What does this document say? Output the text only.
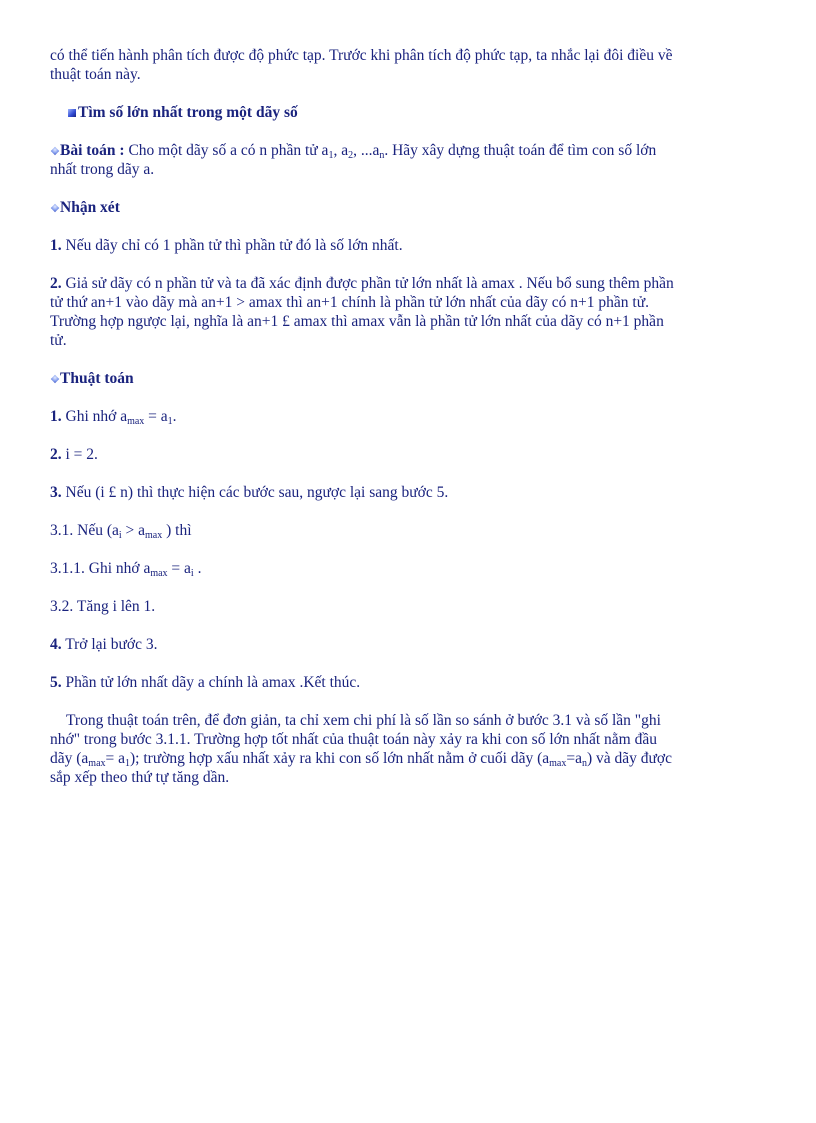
có thể tiến hành phân tích được độ phức tạp. Trước khi phân tích độ phức tạp, ta nhắc lại đôi điều về
thuật toán này.

Tìm số lớn nhất trong một dãy số

Bài toán : Cho một dãy số a có n phần tử $a_1$, $a_2$, $...a_n$. Hãy xây dựng thuật toán để tìm con số lớn
nhất trong dãy a.

Nhận xét

1. Nếu dãy chỉ có 1 phần tử thì phần tử đó là số lớn nhất.

2. Giả sử dãy có n phần tử và ta đã xác định được phần tử lớn nhất là amax . Nếu bổ sung thêm phần
tử thứ an+1 vào dãy mà an+1 > amax thì an+1 chính là phần tử lớn nhất của dãy có n+1 phần tử.
Trường hợp ngược lại, nghĩa là an+1 £ amax thì amax vẫn là phần tử lớn nhất của dãy có n+1 phần
tử.

Thuật toán

1. Ghi nhớ $a_{max} = a_1$.

2. i = 2.

3. Nếu (i £ n) thì thực hiện các bước sau, ngược lại sang bước 5.

3.1. Nếu ($a_i > a_{max}$ ) thì

3.1.1. Ghi nhớ $a_{max} = a_i$ .

3.2. Tăng i lên 1.

4. Trở lại bước 3.

5. Phần tử lớn nhất dãy a chính là amax .Kết thúc.

Trong thuật toán trên, để đơn giản, ta chỉ xem chi phí là số lần so sánh ở bước 3.1 và số lần "ghi
nhớ" trong bước 3.1.1. Trường hợp tốt nhất của thuật toán này xảy ra khi con số lớn nhất nằm đầu
dãy $(a_{max}= a_1)$; trường hợp xấu nhất xảy ra khi con số lớn nhất nằm ở cuối dãy $(a_{max}=a_n)$ và dãy được
sắp xếp theo thứ tự tăng dần.
